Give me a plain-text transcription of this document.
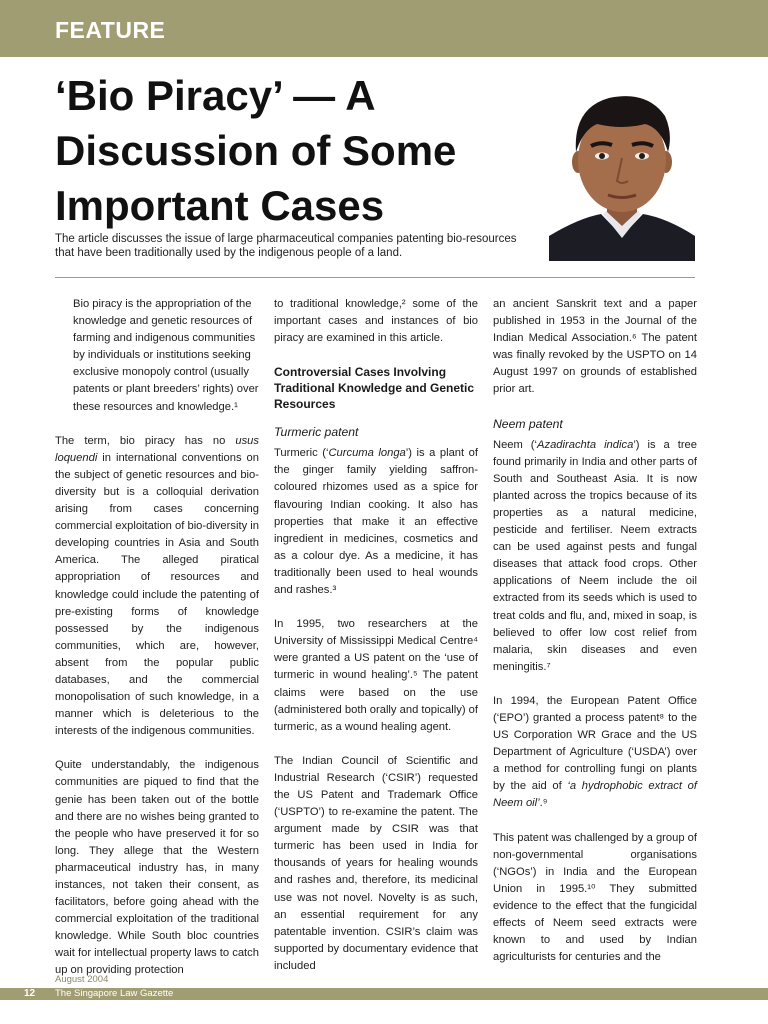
FEATURE
‘Bio Piracy’ — A
Discussion of Some
Important Cases
The article discusses the issue of large pharmaceutical companies patenting bio-resources
that have been traditionally used by the indigenous people of a land.

Bio piracy is the appropriation of the knowledge and genetic resources of farming and indigenous communities by individuals or institutions seeking exclusive monopoly control (usually patents or plant breeders’ rights) over these resources and knowledge.¹

The term, bio piracy has no usus loquendi in international conventions on the subject of genetic resources and bio-diversity but is a colloquial derivation arising from cases concerning commercial exploitation of bio-diversity in developing countries in Asia and South America. The alleged piratical appropriation of resources and knowledge could include the patenting of pre-existing forms of knowledge possessed by the indigenous communities, which are, however, absent from the popular public databases, and the commercial monopolisation of such knowledge, in a manner which is deleterious to the interests of the indigenous communities.

Quite understandably, the indigenous communities are piqued to find that the genie has been taken out of the bottle and there are no wishes being granted to the people who have preserved it for so long. They allege that the Western pharmaceutical industry has, in many instances, not taken their consent, as facilitators, before going ahead with the commercial exploitation of the traditional knowledge. While South bloc countries wait for intellectual property laws to catch up on providing protection

to traditional knowledge,² some of the important cases and instances of bio piracy are examined in this article.

Controversial Cases Involving Traditional Knowledge and Genetic Resources
Turmeric patent

Turmeric (‘Curcuma longa’) is a plant of the ginger family yielding saffron-coloured rhizomes used as a spice for flavouring Indian cooking. It also has properties that make it an effective ingredient in medicines, cosmetics and as a colour dye. As a medicine, it has traditionally been used to heal wounds and rashes.³

In 1995, two researchers at the University of Mississippi Medical Centre⁴ were granted a US patent on the ‘use of turmeric in wound healing’.⁵ The patent claims were based on the use (administered both orally and topically) of turmeric, as a wound healing agent.

The Indian Council of Scientific and Industrial Research (‘CSIR’) requested the US Patent and Trademark Office (‘USPTO’) to re-examine the patent. The argument made by CSIR was that turmeric has been used in India for thousands of years for healing wounds and rashes and, therefore, its medicinal use was not novel. Novelty is as such, an essential requirement for any patentable invention. CSIR’s claim was supported by documentary evidence that included

an ancient Sanskrit text and a paper published in 1953 in the Journal of the Indian Medical Association.⁶ The patent was finally revoked by the USPTO on 14 August 1997 on grounds of established prior art.

Neem patent

Neem (‘Azadirachta indica’) is a tree found primarily in India and other parts of South and Southeast Asia. It is now planted across the tropics because of its properties as a natural medicine, pesticide and fertiliser. Neem extracts can be used against pests and fungal diseases that attack food crops. Other applications of Neem include the oil extracted from its seeds which is used to treat colds and flu, and, mixed in soap, is believed to offer low cost relief from malaria, skin diseases and even meningitis.⁷

In 1994, the European Patent Office (‘EPO’) granted a process patent⁸ to the US Corporation WR Grace and the US Department of Agriculture (‘USDA’) over a method for controlling fungi on plants by the aid of ‘a hydrophobic extract of Neem oil’.⁹

This patent was challenged by a group of non-governmental organisations (‘NGOs’) in India and the European Union in 1995.¹⁰ They submitted evidence to the effect that the fungicidal effects of Neem seed extracts were known to and used by Indian agriculturists for centuries and the

August 2004
12 The Singapore Law Gazette
